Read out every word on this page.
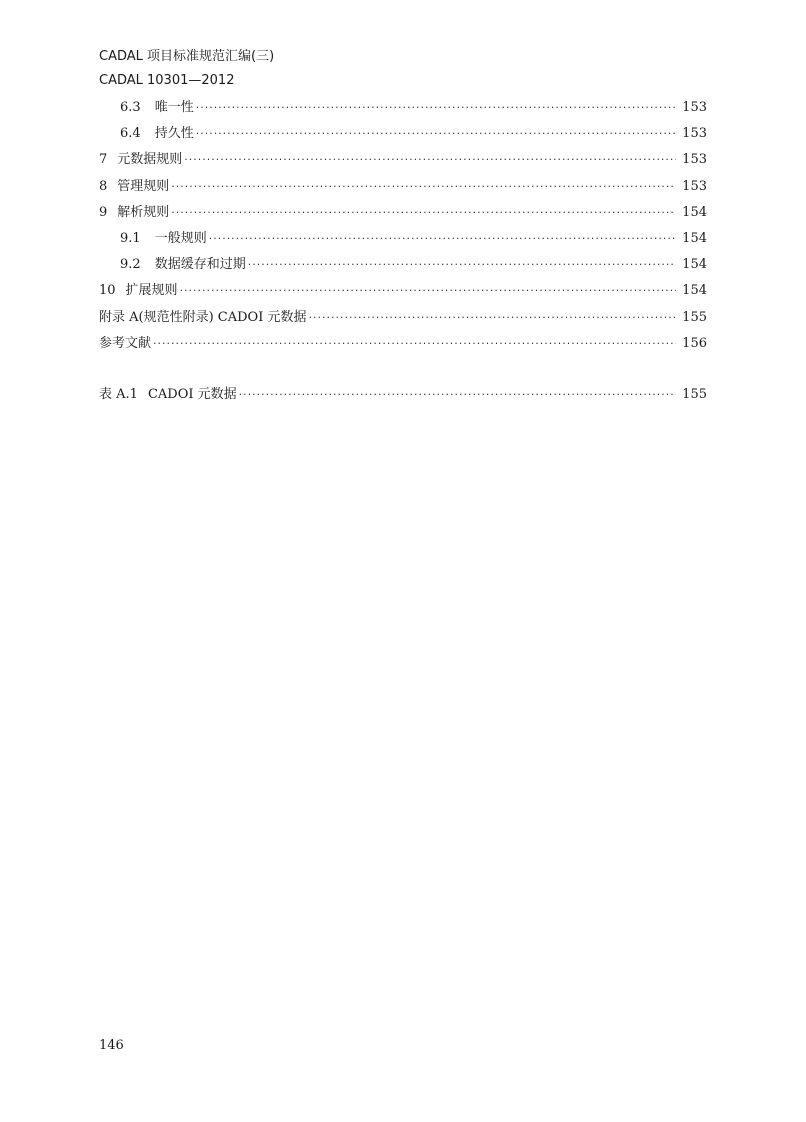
CADAL 项目标准规范汇编(三)
CADAL 10301—2012
6.3 唯一性 ·····	153
6.4 持久性 ·····	153
7 元数据规则 ·····	153
8 管理规则 ·····	153
9 解析规则 ·····	154
9.1 一般规则 ·····	154
9.2 数据缓存和过期 ·····	154
10 扩展规则 ·····	154
附录 A(规范性附录) CADOI 元数据 ·····	155
参考文献 ·····	156
表 A.1 CADOI 元数据 ·····	155
146
